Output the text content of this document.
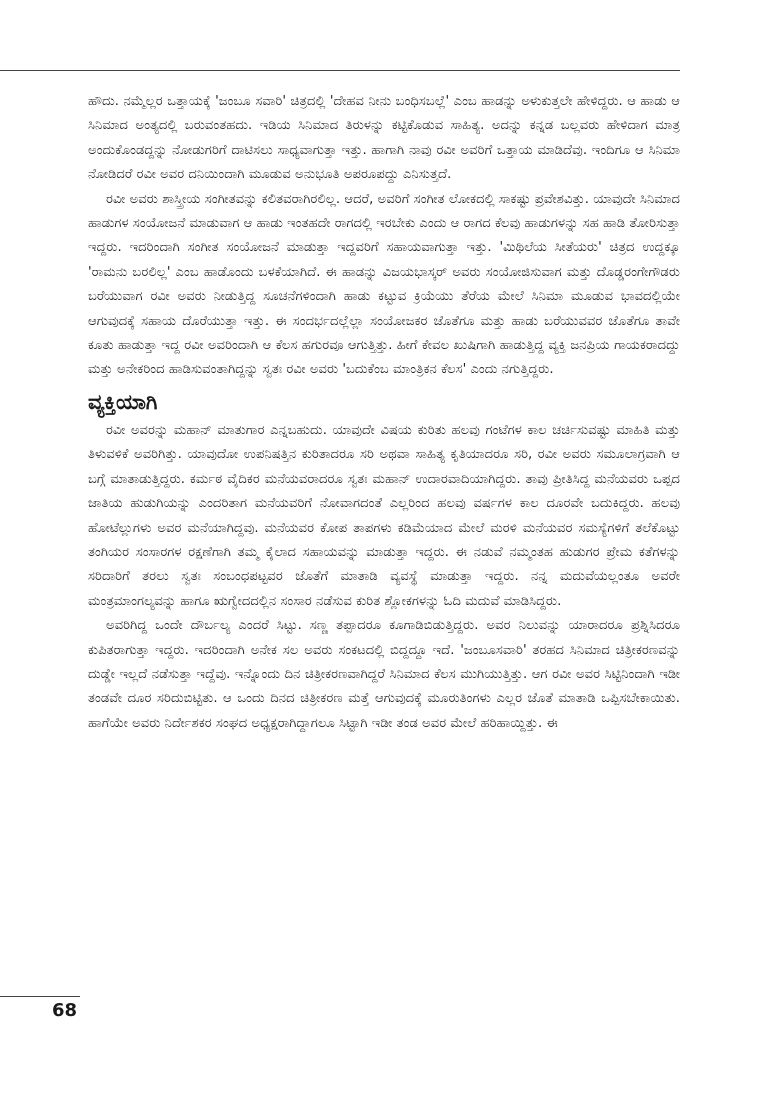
ಹೌದು. ನಮ್ಮೆಲ್ಲರ ಒತ್ತಾಯಕ್ಕೆ 'ಜಂಬೂ ಸವಾರಿ' ಚಿತ್ರದಲ್ಲಿ 'ದೇಹವ ನೀನು ಬಂಧಿಸಬಲ್ಲೆ' ಎಂಬ ಹಾಡನ್ನು ಅಳುಕುತ್ತಲೇ ಹೇಳಿದ್ದರು. ಆ ಹಾಡು ಆ ಸಿನಿಮಾದ ಅಂತ್ಯದಲ್ಲಿ ಬರುವಂತಹದು. ಇಡಿಯ ಸಿನಿಮಾದ ತಿರುಳನ್ನು ಕಟ್ಟಿಕೊಡುವ ಸಾಹಿತ್ಯ. ಅದನ್ನು ಕನ್ನಡ ಬಲ್ಲವರು ಹೇಳಿದಾಗ ಮಾತ್ರ ಅಂದುಕೊಂಡದ್ದನ್ನು ನೋಡುಗರಿಗೆ ದಾಟಿಸಲು ಸಾಧ್ಯವಾಗುತ್ತಾ ಇತ್ತು. ಹಾಗಾಗಿ ನಾವು ರವೀ ಅವರಿಗೆ ಒತ್ತಾಯ ಮಾಡಿದೆವು. ಇಂದಿಗೂ ಆ ಸಿನಿಮಾ ನೋಡಿದರೆ ರವೀ ಅವರ ದನಿಯಿಂದಾಗಿ ಮೂಡುವ ಅನುಭೂತಿ ಅಪರೂಪದ್ದು ಎನಿಸುತ್ತದೆ.

ರವೀ ಅವರು ಶಾಸ್ತ್ರೀಯ ಸಂಗೀತವನ್ನು ಕಲಿತವರಾಗಿರಲಿಲ್ಲ. ಆದರೆ, ಅವರಿಗೆ ಸಂಗೀತ ಲೋಕದಲ್ಲಿ ಸಾಕಷ್ಟು ಪ್ರವೇಶವಿತ್ತು. ಯಾವುದೇ ಸಿನಿಮಾದ ಹಾಡುಗಳ ಸಂಯೋಜನೆ ಮಾಡುವಾಗ ಆ ಹಾಡು ಇಂತಹದೇ ರಾಗದಲ್ಲಿ ಇರಬೇಕು ಎಂದು ಆ ರಾಗದ ಕೆಲವು ಹಾಡುಗಳನ್ನು ಸಹ ಹಾಡಿ ತೋರಿಸುತ್ತಾ ಇದ್ದರು. ಇದರಿಂದಾಗಿ ಸಂಗೀತ ಸಂಯೋಜನೆ ಮಾಡುತ್ತಾ ಇದ್ದವರಿಗೆ ಸಹಾಯವಾಗುತ್ತಾ ಇತ್ತು. 'ಮಿಥಿಲೆಯ ಸೀತೆಯರು' ಚಿತ್ರದ ಉದ್ದಕ್ಕೂ 'ರಾಮನು ಬರಲಿಲ್ಲ' ಎಂಬ ಹಾಡೊಂದು ಬಳಕೆಯಾಗಿದೆ. ಈ ಹಾಡನ್ನು ವಿಜಯಭಾಸ್ಕರ್ ಅವರು ಸಂಯೋಜಿಸುವಾಗ ಮತ್ತು ದೊಡ್ಡರಂಗೇಗೌಡರು ಬರೆಯುವಾಗ ರವೀ ಅವರು ನೀಡುತ್ತಿದ್ದ ಸೂಚನೆಗಳಿಂದಾಗಿ ಹಾಡು ಕಟ್ಟುವ ಕ್ರಿಯೆಯು ತೆರೆಯ ಮೇಲೆ ಸಿನಿಮಾ ಮೂಡುವ ಭಾವದಲ್ಲಿಯೇ ಆಗುವುದಕ್ಕೆ ಸಹಾಯ ದೊರೆಯುತ್ತಾ ಇತ್ತು. ಈ ಸಂದರ್ಭದಲ್ಲೆಲ್ಲಾ ಸಂಯೋಜಕರ ಜೊತೆಗೂ ಮತ್ತು ಹಾಡು ಬರೆಯುವವರ ಜೊತೆಗೂ ತಾವೇ ಕೂತು ಹಾಡುತ್ತಾ ಇದ್ದ ರವೀ ಅವರಿಂದಾಗಿ ಆ ಕೆಲಸ ಹಗುರವೂ ಆಗುತ್ತಿತ್ತು. ಹೀಗೆ ಕೇವಲ ಖುಷಿಗಾಗಿ ಹಾಡುತ್ತಿದ್ದ ವ್ಯಕ್ತಿ ಜನಪ್ರಿಯ ಗಾಯಕರಾದದ್ದು ಮತ್ತು ಅನೇಕರಿಂದ ಹಾಡಿಸುವಂತಾಗಿದ್ದನ್ನು ಸ್ವತಃ ರವೀ ಅವರು 'ಬದುಕೆಂಬ ಮಾಂತ್ರಿಕನ ಕೆಲಸ' ಎಂದು ನಗುತ್ತಿದ್ದರು.

ವ್ಯಕ್ತಿಯಾಗಿ

ರವೀ ಅವರನ್ನು ಮಹಾನ್ ಮಾತುಗಾರ ಎನ್ನಬಹುದು. ಯಾವುದೇ ವಿಷಯ ಕುರಿತು ಹಲವು ಗಂಟೆಗಳ ಕಾಲ ಚರ್ಚಿಸುವಷ್ಟು ಮಾಹಿತಿ ಮತ್ತು ತಿಳುವಳಿಕೆ ಅವರಿಗಿತ್ತು. ಯಾವುದೋ ಉಪನಿಷತ್ತಿನ ಕುರಿತಾದರೂ ಸರಿ ಅಥವಾ ಸಾಹಿತ್ಯ ಕೃತಿಯಾದರೂ ಸರಿ, ರವೀ ಅವರು ಸಮೂಲಾಗ್ರವಾಗಿ ಆ ಬಗ್ಗೆ ಮಾತಾಡುತ್ತಿದ್ದರು. ಕರ್ಮಠ ವೈದಿಕರ ಮನೆಯವರಾದರೂ ಸ್ವತಃ ಮಹಾನ್ ಉದಾರವಾದಿಯಾಗಿದ್ದರು. ತಾವು ಪ್ರೀತಿಸಿದ್ದ ಮನೆಯವರು ಒಪ್ಪದ ಜಾತಿಯ ಹುಡುಗಿಯನ್ನು ಎಂದರಿತಾಗ ಮನೆಯವರಿಗೆ ನೋವಾಗದಂತೆ ಎಲ್ಲರಿಂದ ಹಲವು ವರ್ಷಗಳ ಕಾಲ ದೂರವೇ ಬದುಕಿದ್ದರು. ಹಲವು ಹೋಟೆಲ್ಲುಗಳು ಅವರ ಮನೆಯಾಗಿದ್ದವು. ಮನೆಯವರ ಕೋಪ ತಾಪಗಳು ಕಡಿಮೆಯಾದ ಮೇಲೆ ಮರಳಿ ಮನೆಯವರ ಸಮಸ್ಯೆಗಳಿಗೆ ತಲೆಕೊಟ್ಟು ತಂಗಿಯರ ಸಂಸಾರಗಳ ರಕ್ಷಣೆಗಾಗಿ ತಮ್ಮ ಕೈಲಾದ ಸಹಾಯವನ್ನು ಮಾಡುತ್ತಾ ಇದ್ದರು. ಈ ನಡುವೆ ನಮ್ಮಂತಹ ಹುಡುಗರ ಪ್ರೇಮ ಕತೆಗಳನ್ನು ಸರಿದಾರಿಗೆ ತರಲು ಸ್ವತಃ ಸಂಬಂಧಪಟ್ಟವರ ಜೊತೆಗೆ ಮಾತಾಡಿ ವ್ಯವಸ್ಥೆ ಮಾಡುತ್ತಾ ಇದ್ದರು. ನನ್ನ ಮದುವೆಯಲ್ಲಂತೂ ಅವರೇ ಮಂತ್ರಮಾಂಗಲ್ಯವನ್ನು ಹಾಗೂ ಋಗ್ವೇದದಲ್ಲಿನ ಸಂಸಾರ ನಡೆಸುವ ಕುರಿತ ಶ್ಲೋಕಗಳನ್ನು ಓದಿ ಮದುವೆ ಮಾಡಿಸಿದ್ದರು.

ಅವರಿಗಿದ್ದ ಒಂದೇ ದೌರ್ಬಲ್ಯ ಎಂದರೆ ಸಿಟ್ಟು. ಸಣ್ಣ ತಪ್ಪಾದರೂ ಕೂಗಾಡಿಬಿಡುತ್ತಿದ್ದರು. ಅವರ ನಿಲುವನ್ನು ಯಾರಾದರೂ ಪ್ರಶ್ನಿಸಿದರೂ ಕುಪಿತರಾಗುತ್ತಾ ಇದ್ದರು. ಇದರಿಂದಾಗಿ ಅನೇಕ ಸಲ ಅವರು ಸಂಕಟದಲ್ಲಿ ಬಿದ್ದದ್ದೂ ಇದೆ. 'ಜಂಬೂಸವಾರಿ' ತರಹದ ಸಿನಿಮಾದ ಚಿತ್ರೀಕರಣವನ್ನು ದುಡ್ಡೇ ಇಲ್ಲದೆ ನಡೆಸುತ್ತಾ ಇದ್ದೆವು. ಇನ್ನೊಂದು ದಿನ ಚಿತ್ರೀಕರಣವಾಗಿದ್ದರೆ ಸಿನಿಮಾದ ಕೆಲಸ ಮುಗಿಯುತ್ತಿತ್ತು. ಆಗ ರವೀ ಅವರ ಸಿಟ್ಟಿನಿಂದಾಗಿ ಇಡೀ ತಂಡವೇ ದೂರ ಸರಿದುಬಿಟ್ಟಿತು. ಆ ಒಂದು ದಿನದ ಚಿತ್ರೀಕರಣ ಮತ್ತೆ ಆಗುವುದಕ್ಕೆ ಮೂರುತಿಂಗಳು ಎಲ್ಲರ ಜೊತೆ ಮಾತಾಡಿ ಒಪ್ಪಿಸಬೇಕಾಯಿತು. ಹಾಗೆಯೇ ಅವರು ನಿರ್ದೇಶಕರ ಸಂಘದ ಅಧ್ಯಕ್ಷರಾಗಿದ್ದಾಗಲೂ ಸಿಟ್ಟಾಗಿ ಇಡೀ ತಂಡ ಅವರ ಮೇಲೆ ಹರಿಹಾಯ್ದಿತ್ತು. ಈ

68
